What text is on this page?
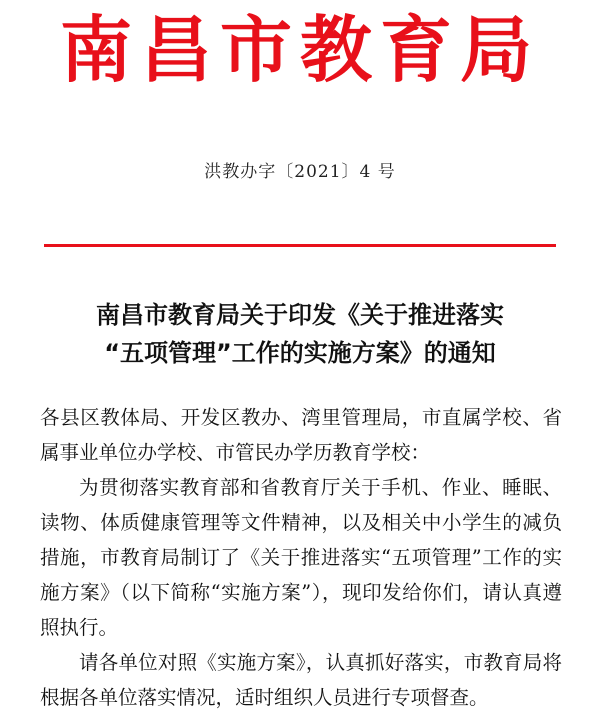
南昌市教育局
洪教办字〔2021〕4 号
南昌市教育局关于印发《关于推进落实
“五项管理”工作的实施方案》的通知

各县区教体局、开发区教办、湾里管理局，市直属学校、省属事业单位办学校、市管民办学历教育学校：

为贯彻落实教育部和省教育厅关于手机、作业、睡眠、读物、体质健康管理等文件精神，以及相关中小学生的减负措施，市教育局制订了《关于推进落实“五项管理”工作的实施方案》（以下简称“实施方案”），现印发给你们，请认真遵照执行。

请各单位对照《实施方案》，认真抓好落实，市教育局将根据各单位落实情况，适时组织人员进行专项督查。
